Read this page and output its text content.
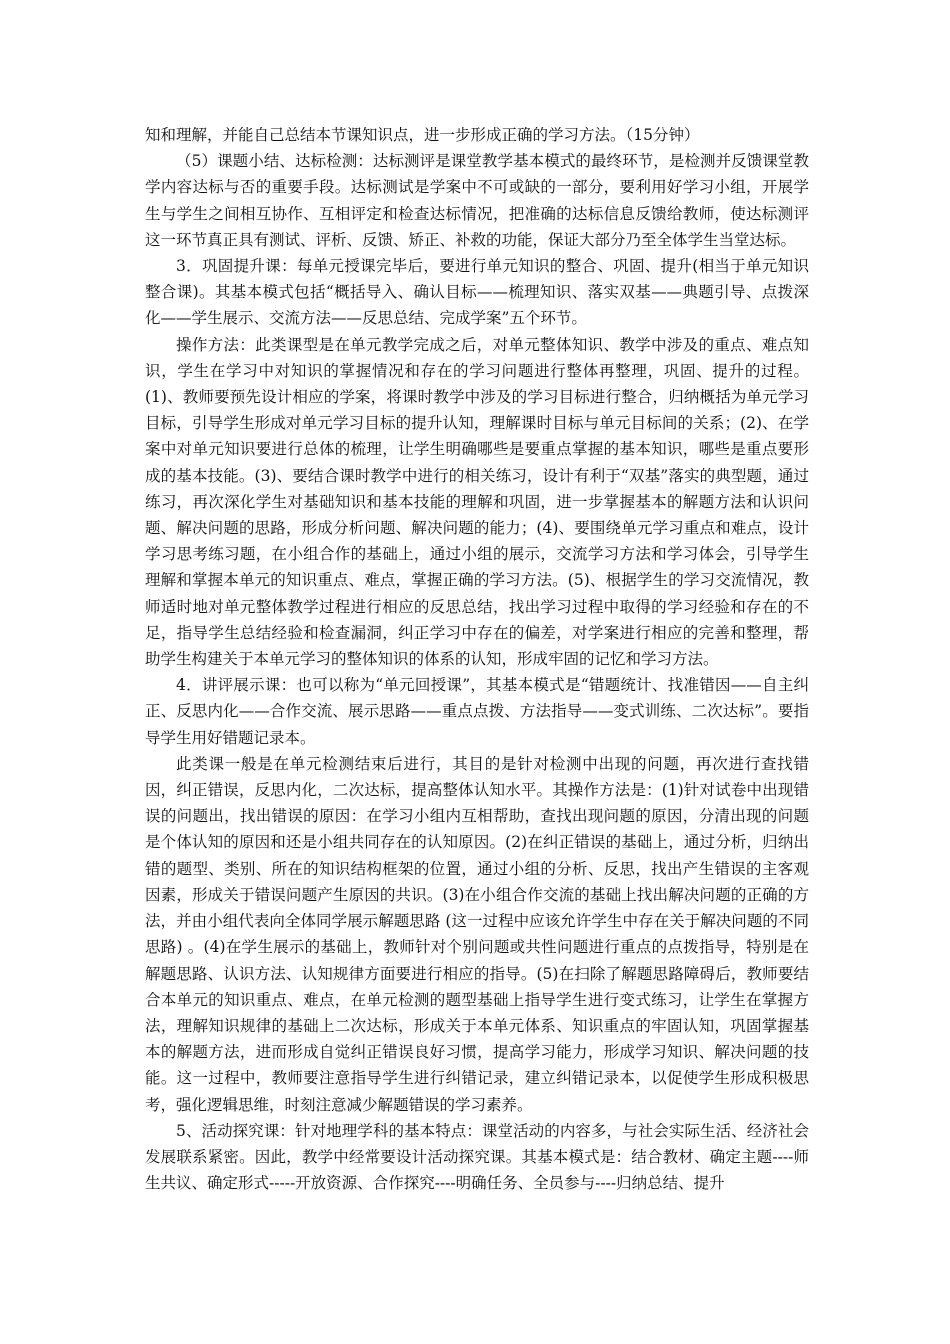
知和理解，并能自己总结本节课知识点，进一步形成正确的学习方法。（15分钟）

（5）课题小结、达标检测：达标测评是课堂教学基本模式的最终环节，是检测并反馈课堂教学内容达标与否的重要手段。达标测试是学案中不可或缺的一部分，要利用好学习小组，开展学生与学生之间相互协作、互相评定和检查达标情况，把准确的达标信息反馈给教师，使达标测评这一环节真正具有测试、评析、反馈、矫正、补救的功能，保证大部分乃至全体学生当堂达标。

3．巩固提升课：每单元授课完毕后，要进行单元知识的整合、巩固、提升(相当于单元知识整合课)。其基本模式包括“概括导入、确认目标——梳理知识、落实双基——典题引导、点拨深化——学生展示、交流方法——反思总结、完成学案”五个环节。

操作方法：此类课型是在单元教学完成之后，对单元整体知识、教学中涉及的重点、难点知识，学生在学习中对知识的掌握情况和存在的学习问题进行整体再整理，巩固、提升的过程。(1)、教师要预先设计相应的学案，将课时教学中涉及的学习目标进行整合，归纳概括为单元学习目标，引导学生形成对单元学习目标的提升认知，理解课时目标与单元目标间的关系；(2)、在学案中对单元知识要进行总体的梳理，让学生明确哪些是要重点掌握的基本知识，哪些是重点要形成的基本技能。(3)、要结合课时教学中进行的相关练习，设计有利于“双基”落实的典型题，通过练习，再次深化学生对基础知识和基本技能的理解和巩固，进一步掌握基本的解题方法和认识问题、解决问题的思路，形成分析问题、解决问题的能力；(4)、要围绕单元学习重点和难点，设计学习思考练习题，在小组合作的基础上，通过小组的展示，交流学习方法和学习体会，引导学生理解和掌握本单元的知识重点、难点，掌握正确的学习方法。(5)、根据学生的学习交流情况，教师适时地对单元整体教学过程进行相应的反思总结，找出学习过程中取得的学习经验和存在的不足，指导学生总结经验和检查漏洞，纠正学习中存在的偏差，对学案进行相应的完善和整理，帮助学生构建关于本单元学习的整体知识的体系的认知，形成牢固的记忆和学习方法。

4．讲评展示课：也可以称为“单元回授课”，其基本模式是“错题统计、找准错因——自主纠正、反思内化——合作交流、展示思路——重点点拨、方法指导——变式训练、二次达标”。要指导学生用好错题记录本。

此类课一般是在单元检测结束后进行，其目的是针对检测中出现的问题，再次进行查找错因，纠正错误，反思内化，二次达标，提高整体认知水平。其操作方法是：(1)针对试卷中出现错误的问题出，找出错误的原因：在学习小组内互相帮助，查找出现问题的原因，分清出现的问题是个体认知的原因和还是小组共同存在的认知原因。(2)在纠正错误的基础上，通过分析，归纳出错的题型、类别、所在的知识结构框架的位置，通过小组的分析、反思，找出产生错误的主客观因素，形成关于错误问题产生原因的共识。(3)在小组合作交流的基础上找出解决问题的正确的方法，并由小组代表向全体同学展示解题思路 (这一过程中应该允许学生中存在关于解决问题的不同思路) 。(4)在学生展示的基础上，教师针对个别问题或共性问题进行重点的点拨指导，特别是在解题思路、认识方法、认知规律方面要进行相应的指导。(5)在扫除了解题思路障碍后，教师要结合本单元的知识重点、难点，在单元检测的题型基础上指导学生进行变式练习，让学生在掌握方法，理解知识规律的基础上二次达标，形成关于本单元体系、知识重点的牢固认知，巩固掌握基本的解题方法，进而形成自觉纠正错误良好习惯，提高学习能力，形成学习知识、解决问题的技能。这一过程中，教师要注意指导学生进行纠错记录，建立纠错记录本，以促使学生形成积极思考，强化逻辑思维，时刻注意减少解题错误的学习素养。

5、活动探究课：针对地理学科的基本特点：课堂活动的内容多，与社会实际生活、经济社会发展联系紧密。因此，教学中经常要设计活动探究课。其基本模式是：结合教材、确定主题----师生共议、确定形式-----开放资源、合作探究----明确任务、全员参与----归纳总结、提升
